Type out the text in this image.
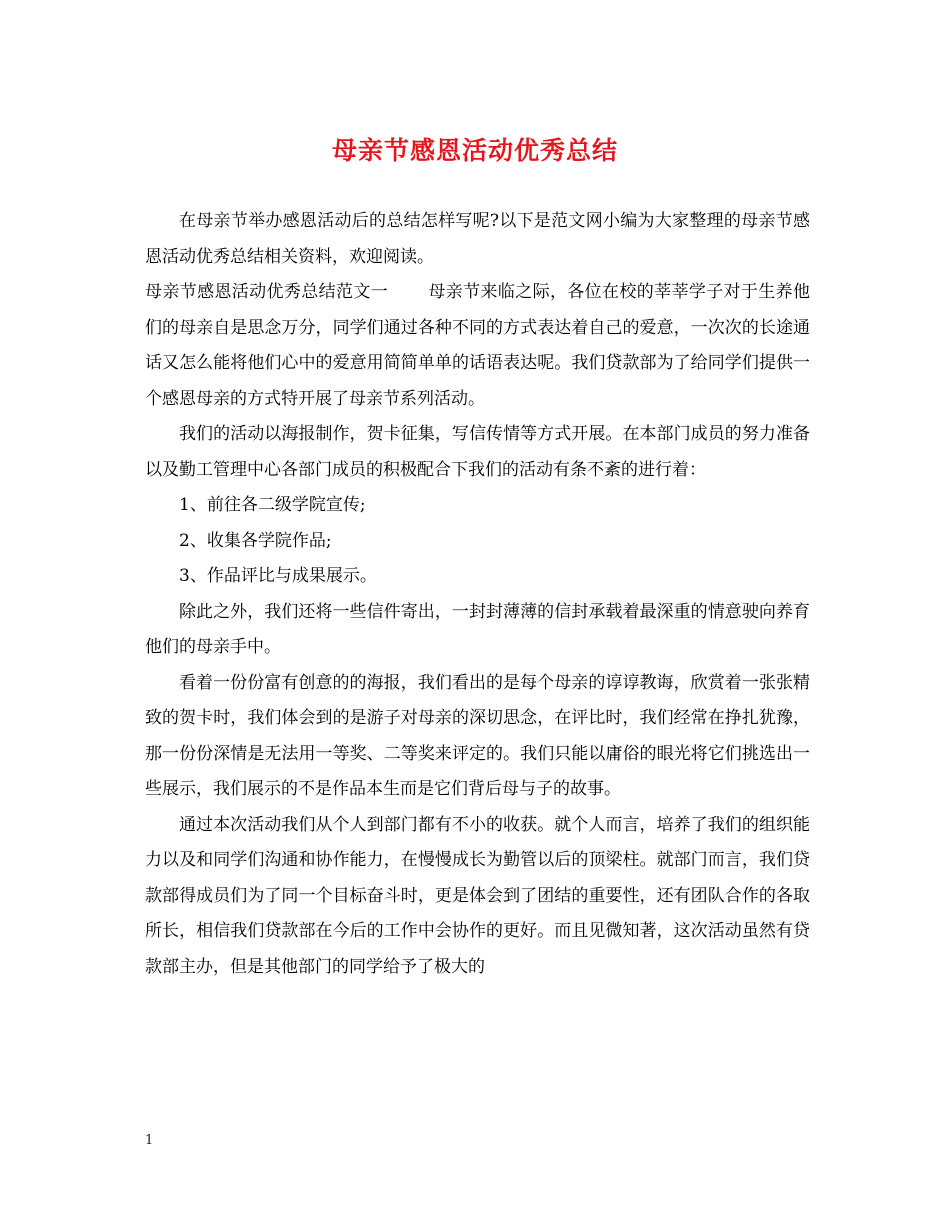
母亲节感恩活动优秀总结

在母亲节举办感恩活动后的总结怎样写呢?以下是范文网小编为大家整理的母亲节感恩活动优秀总结相关资料，欢迎阅读。

母亲节感恩活动优秀总结范文一 母亲节来临之际，各位在校的莘莘学子对于生养他们的母亲自是思念万分，同学们通过各种不同的方式表达着自己的爱意，一次次的长途通话又怎么能将他们心中的爱意用简简单单的话语表达呢。我们贷款部为了给同学们提供一个感恩母亲的方式特开展了母亲节系列活动。

我们的活动以海报制作，贺卡征集，写信传情等方式开展。在本部门成员的努力准备以及勤工管理中心各部门成员的积极配合下我们的活动有条不紊的进行着：

1、前往各二级学院宣传;

2、收集各学院作品;

3、作品评比与成果展示。

除此之外，我们还将一些信件寄出，一封封薄薄的信封承载着最深重的情意驶向养育他们的母亲手中。

看着一份份富有创意的的海报，我们看出的是每个母亲的谆谆教诲，欣赏着一张张精致的贺卡时，我们体会到的是游子对母亲的深切思念，在评比时，我们经常在挣扎犹豫，那一份份深情是无法用一等奖、二等奖来评定的。我们只能以庸俗的眼光将它们挑选出一些展示，我们展示的不是作品本生而是它们背后母与子的故事。

通过本次活动我们从个人到部门都有不小的收获。就个人而言，培养了我们的组织能力以及和同学们沟通和协作能力，在慢慢成长为勤管以后的顶梁柱。就部门而言，我们贷款部得成员们为了同一个目标奋斗时，更是体会到了团结的重要性，还有团队合作的各取所长，相信我们贷款部在今后的工作中会协作的更好。而且见微知著，这次活动虽然有贷款部主办，但是其他部门的同学给予了极大的

1
